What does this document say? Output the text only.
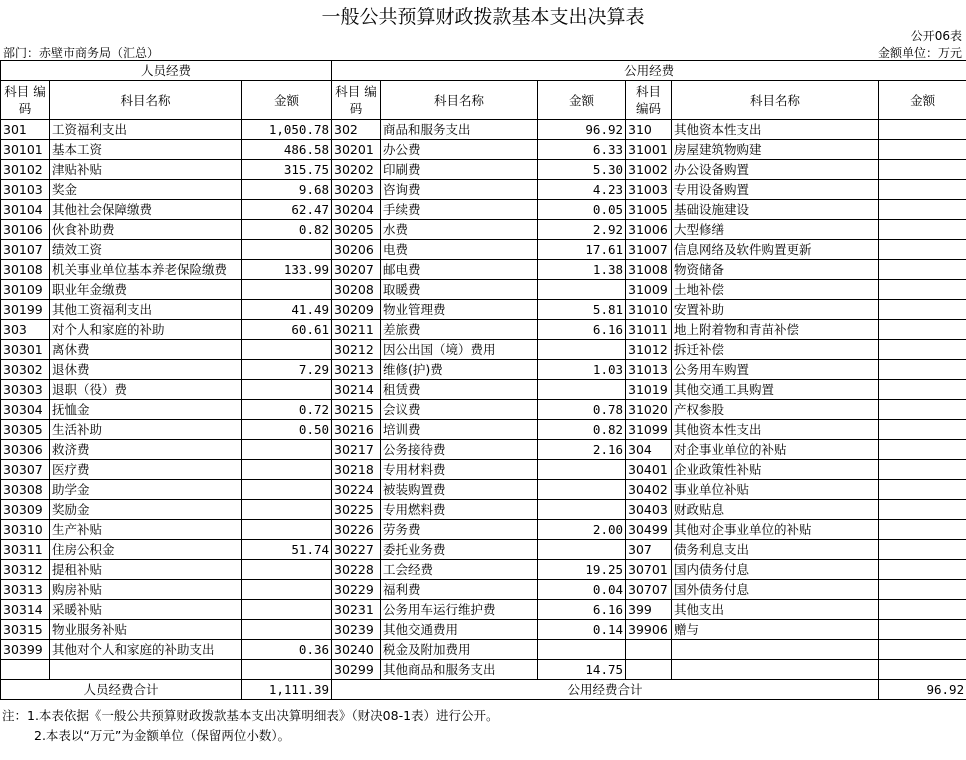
一般公共预算财政拨款基本支出决算表
公开06表
部门：赤壁市商务局（汇总）	金额单位：万元
人员经费			公用经费					
科目 编码	科目名称	金额	科目 编码	科目名称	金额	科目 编码	科目名称	金额
301	工资福利支出	1,050.78	302	商品和服务支出	96.92	310	其他资本性支出	
30101	基本工资	486.58	30201	办公费	6.33	31001	房屋建筑物购建	
30102	津贴补贴	315.75	30202	印刷费	5.30	31002	办公设备购置	
30103	奖金	9.68	30203	咨询费	4.23	31003	专用设备购置	
30104	其他社会保障缴费	62.47	30204	手续费	0.05	31005	基础设施建设	
30106	伙食补助费	0.82	30205	水费	2.92	31006	大型修缮	
30107	绩效工资		30206	电费	17.61	31007	信息网络及软件购置更新	
30108	机关事业单位基本养老保险缴费	133.99	30207	邮电费	1.38	31008	物资储备	
30109	职业年金缴费		30208	取暖费		31009	土地补偿	
30199	其他工资福利支出	41.49	30209	物业管理费	5.81	31010	安置补助	
303	对个人和家庭的补助	60.61	30211	差旅费	6.16	31011	地上附着物和青苗补偿	
30301	离休费		30212	因公出国（境）费用		31012	拆迁补偿	
30302	退休费	7.29	30213	维修(护)费	1.03	31013	公务用车购置	
30303	退职（役）费		30214	租赁费		31019	其他交通工具购置	
30304	抚恤金	0.72	30215	会议费	0.78	31020	产权参股	
30305	生活补助	0.50	30216	培训费	0.82	31099	其他资本性支出	
30306	救济费		30217	公务接待费	2.16	304	对企事业单位的补贴	
30307	医疗费		30218	专用材料费		30401	企业政策性补贴	
30308	助学金		30224	被装购置费		30402	事业单位补贴	
30309	奖励金		30225	专用燃料费		30403	财政贴息	
30310	生产补贴		30226	劳务费	2.00	30499	其他对企事业单位的补贴	
30311	住房公积金	51.74	30227	委托业务费		307	债务利息支出	
30312	提租补贴		30228	工会经费	19.25	30701	国内债务付息	
30313	购房补贴		30229	福利费	0.04	30707	国外债务付息	
30314	采暖补贴		30231	公务用车运行维护费	6.16	399	其他支出	
30315	物业服务补贴		30239	其他交通费用	0.14	39906	赠与	
30399	其他对个人和家庭的补助支出	0.36	30240	税金及附加费用				
			30299	其他商品和服务支出	14.75			
人员经费合计		1,111.39	公用经费合计					96.92
注：1.本表依据《一般公共预算财政拨款基本支出决算明细表》（财决08-1表）进行公开。
2.本表以“万元”为金额单位（保留两位小数）。
